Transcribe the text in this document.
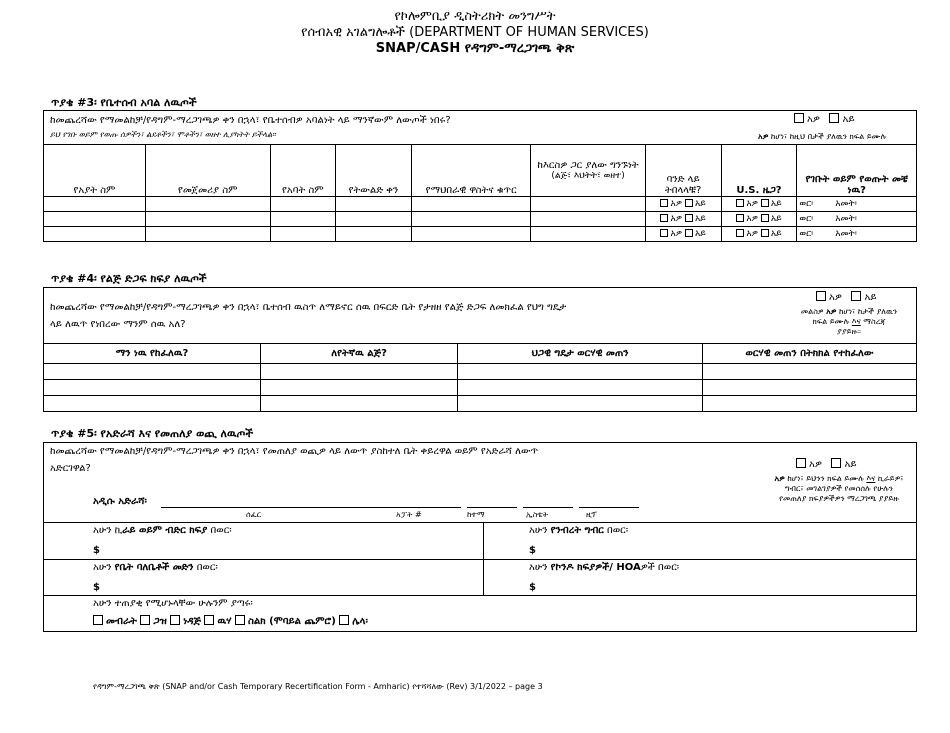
የኮሎምቢያ ዲስትሪክት መንግሥት
የሰብአዊ አገልግሎቶች (DEPARTMENT OF HUMAN SERVICES)
SNAP/CASH የዳግም-ማረጋገጫ ቅጽ
ጥያቄ #3፡ የቤተሰብ አባል ለዉጦች
ከመጨረሻው የማመልከቻ/የዳግም-ማረጋገጫዎ ቀን በኋላ፣ የቤተሰብዎ አባልነት ላይ ማንኛውም ለውጦች ነበሩ?
ይህ የገቡ ወይም የወጡ ሰዎችን፣ ልደቶችን፣ ሞቶችን፣ ወዘተ ሊያካትት ይችላል።
አዎ አይ
አዎ ከሆነ፣ ከዚህ በታች ያለዉን ክፍል ይሙሉ
የአያት ስም	የመጀመሪያ ስም	የአባት ስም	የትውልድ ቀን	የማህበራዊ ዋስትና ቁጥር	ከእርስዎ ጋር ያለው ግንኙነት
(ልጅ፣ እህትት፣ ወዘተ)	ባንድ ላይ ትበላላቹ?	U.S. ዜጋ?	የገቡት ወይም የወጡት መቼ ነዉ?
						አዎ አይ	አዎ አይ	ወር፡ አመት፡
						አዎ አይ	አዎ አይ	ወር፡ አመት፡
						አዎ አይ	አዎ አይ	ወር፡ አመት፡
ጥያቄ #4፡ የልጅ ድጋፍ ክፍያ ለዉጦች
ከመጨረሻው የማመልከቻ/የዳግም-ማረጋገጫዎ ቀን በኋላ፣ ቤተሰብ ዉስጥ ለማይኖር ሰዉ በፍርድ ቤት የታዘዘ የልጅ ድጋፍ ለመክፈል የህግ ግዴታ
ላይ ለዉጥ የነበረው ማንም ሰዉ አለ?
አዎ አይ
መልስዎ አዎ ከሆነ፣ ከታች ያለዉን
ክፍል ይሙሉ እና ማስረጃ
ያያይዙ።
ማን ነዉ የከፈለዉ?	ለየትኛዉ ልጅ?	ህጋዊ ግዴታ ወርሃዊ መጠን	ወርሃዊ መጠን በትክክል የተከፈለው

ጥያቄ #5፡ የአድራሻ እና የመጠለያ ወጪ ለዉጦች
ከመጨረሻው የማመልከቻ/የዳግም-ማረጋገጫዎ ቀን በኋላ፣ የመጠለያ ወጪዎ ላይ ለውጥ ያስከተለ ቤት ቀይረዋል ወይም የአድራሻ ለውጥ
አድርገዋል?	አዎ አይ
አዎ ከሆነ፣ ይህንን ክፍል ይሙሉ እና ኪራይዎ፣
ግብር፣ መገልገያዎች የመሰሰሉ የሁሉን
የመጠለያ ክፍያዎችዎን ማረጋገጫ ያያይዙ
አዲሱ አድራሻ፡
ሰፈር	አፓት #	ከተማ	ኢስቴት	ዚፕ
አሁን ኪራይ ወይም ብድር ክፍያ በወር፡
$
አሁን የንብረት ግብር በወር፡
$
አሁን የቤት ባለቤቶች መድን በወር፡
$
አሁን የኮንዶ ክፍያዎች/ HOAዎች በወር፡
$
አሁን ተጠያቂ የሚሆኑላቸው ሁሉንም ያጣሩ፡
መብራት ጋዝ ነዳጅ ዉሃ ስልክ (ሞባይል ጨምሮ) ሌላ፡
የዳግም-ማረጋገጫ ቅጽ (SNAP and/or Cash Temporary Recertification Form - Amharic) የተሻሻለው (Rev) 3/1/2022 – page 3
